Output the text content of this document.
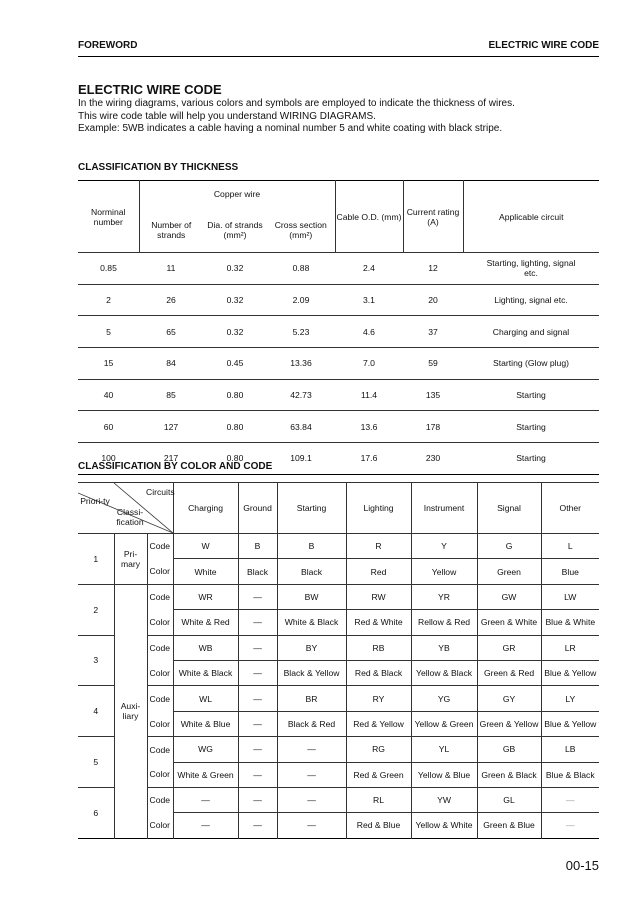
FOREWORD	ELECTRIC WIRE CODE
ELECTRIC WIRE CODE
In the wiring diagrams, various colors and symbols are employed to indicate the thickness of wires.
This wire code table will help you understand WIRING DIAGRAMS.
Example: 5WB indicates a cable having a nominal number 5 and white coating with black stripe.
CLASSIFICATION BY THICKNESS
Norminal number	Copper wire			Cable O.D. (mm)	Current rating (A)	Applicable circuit
	Number of strands	Dia. of strands (mm²)	Cross section (mm²)			
0.85	11	0.32	0.88	2.4	12	Starting, lighting, signal etc.
2	26	0.32	2.09	3.1	20	Lighting, signal etc.
5	65	0.32	5.23	4.6	37	Charging and signal
15	84	0.45	13.36	7.0	59	Starting (Glow plug)
40	85	0.80	42.73	11.4	135	Starting
60	127	0.80	63.84	13.6	178	Starting
100	217	0.80	109.1	17.6	230	Starting
CLASSIFICATION BY COLOR AND CODE
Circuits
Priori-ty
Classi-fication			Charging	Ground	Starting	Lighting	Instrument	Signal	Other
1	Pri-mary	Code	W	B	B	R	Y	G	L
		Color	White	Black	Black	Red	Yellow	Green	Blue
2	Auxi-liary	Code	WR	—	BW	RW	YR	GW	LW
		Color	White & Red	—	White & Black	Red & White	Rellow & Red	Green & White	Blue & White
3		Code	WB	—	BY	RB	YB	GR	LR
		Color	White & Black	—	Black & Yellow	Red & Black	Yellow & Black	Green & Red	Blue & Yellow
4		Code	WL	—	BR	RY	YG	GY	LY
		Color	White & Blue	—	Black & Red	Red & Yellow	Yellow & Green	Green & Yellow	Blue & Yellow
5		Code	WG	—	—	RG	YL	GB	LB
		Color	White & Green	—	—	Red & Green	Yellow & Blue	Green & Black	Blue & Black
6		Code	—	—	—	RL	YW	GL	—
		Color	—	—	—	Red & Blue	Yellow & White	Green & Blue	—
00-15
